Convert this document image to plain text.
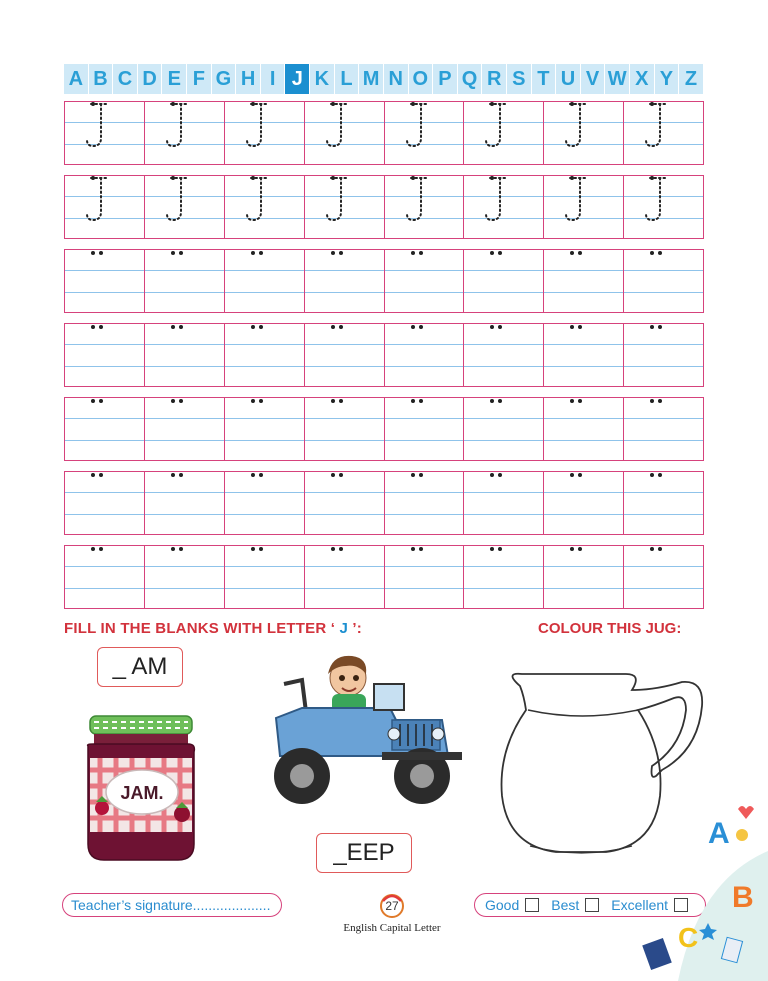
A B C D E F G H I J K L M N O P Q R S T U V W X Y Z
FILL IN THE BLANKS WITH LETTER ‘ J ’:	COLOUR THIS JUG:
_ AM
_EEP
JAM.
Teacher’s signature....................	27
English Capital Letter
Good Best Excellent
A
B
C
